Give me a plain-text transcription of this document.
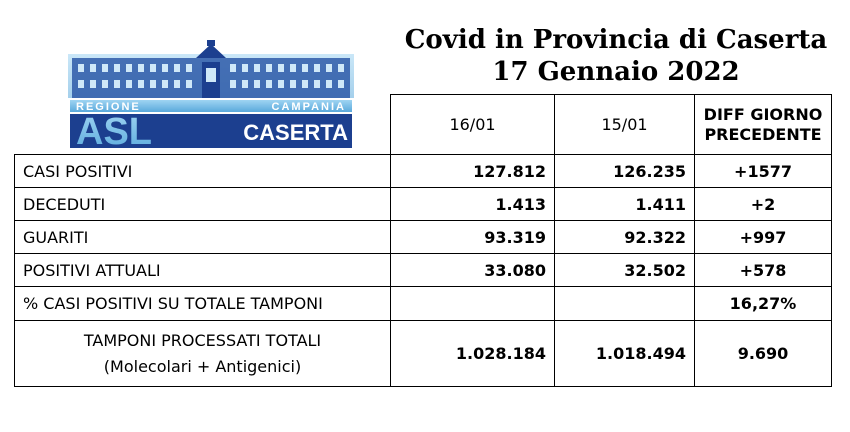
REGIONE	CAMPANIA
ASL	CASERTA
Covid in Provincia di Caserta
17 Gennaio 2022
	16/01	15/01	DIFF GIORNO
PRECEDENTE

CASI POSITIVI	127.812	126.235	+1577
DECEDUTI	1.413	1.411	+2
GUARITI	93.319	92.322	+997
POSITIVI ATTUALI	33.080	32.502	+578
% CASI POSITIVI SU TOTALE TAMPONI			16,27%

TAMPONI PROCESSATI TOTALI
(Molecolari + Antigenici)	1.028.184	1.018.494	9.690
